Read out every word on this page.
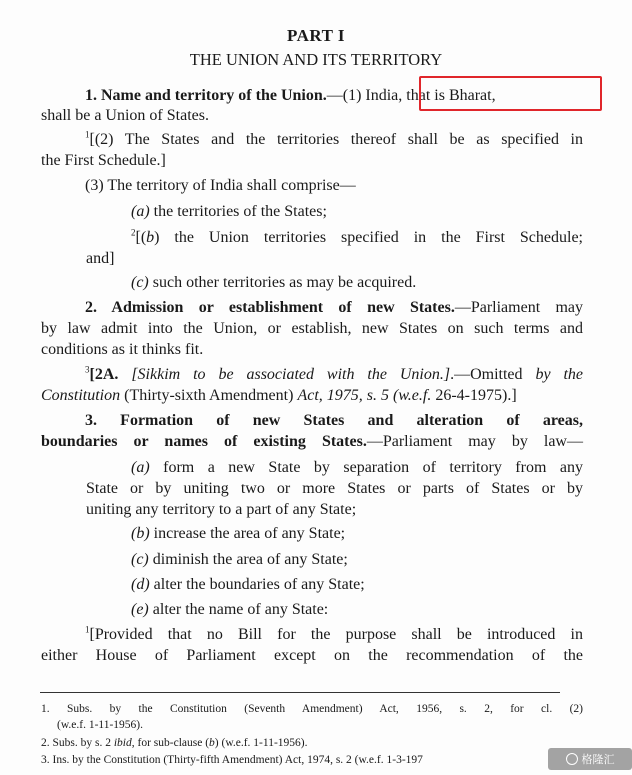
PART I
THE UNION AND ITS TERRITORY
1. Name and territory of the Union.—(1) India, that is Bharat,
shall be a Union of States.
$^1$[(2) The States and the territories thereof shall be as specified in
the First Schedule.]
(3) The territory of India shall comprise—
(a) the territories of the States;
$^2$[(b) the Union territories specified in the First Schedule;
and]
(c) such other territories as may be acquired.
2. Admission or establishment of new States.—Parliament may
by law admit into the Union, or establish, new States on such terms and
conditions as it thinks fit.
$^3$[2A. [Sikkim to be associated with the Union.].—Omitted by the
Constitution (Thirty-sixth Amendment) Act, 1975, s. 5 (w.e.f. 26-4-1975).]
3. Formation of new States and alteration of areas,
boundaries or names of existing States.—Parliament may by law—
(a) form a new State by separation of territory from any
State or by uniting two or more States or parts of States or by
uniting any territory to a part of any State;
(b) increase the area of any State;
(c) diminish the area of any State;
(d) alter the boundaries of any State;
(e) alter the name of any State:
$^1$[Provided that no Bill for the purpose shall be introduced in
either House of Parliament except on the recommendation of the
1. Subs. by the Constitution (Seventh Amendment) Act, 1956, s. 2, for cl. (2)
(w.e.f. 1-11-1956).
2. Subs. by s. 2 ibid, for sub-clause (b) (w.e.f. 1-11-1956).
3. Ins. by the Constitution (Thirty-fifth Amendment) Act, 1974, s. 2 (w.e.f. 1-3-197	格隆汇
